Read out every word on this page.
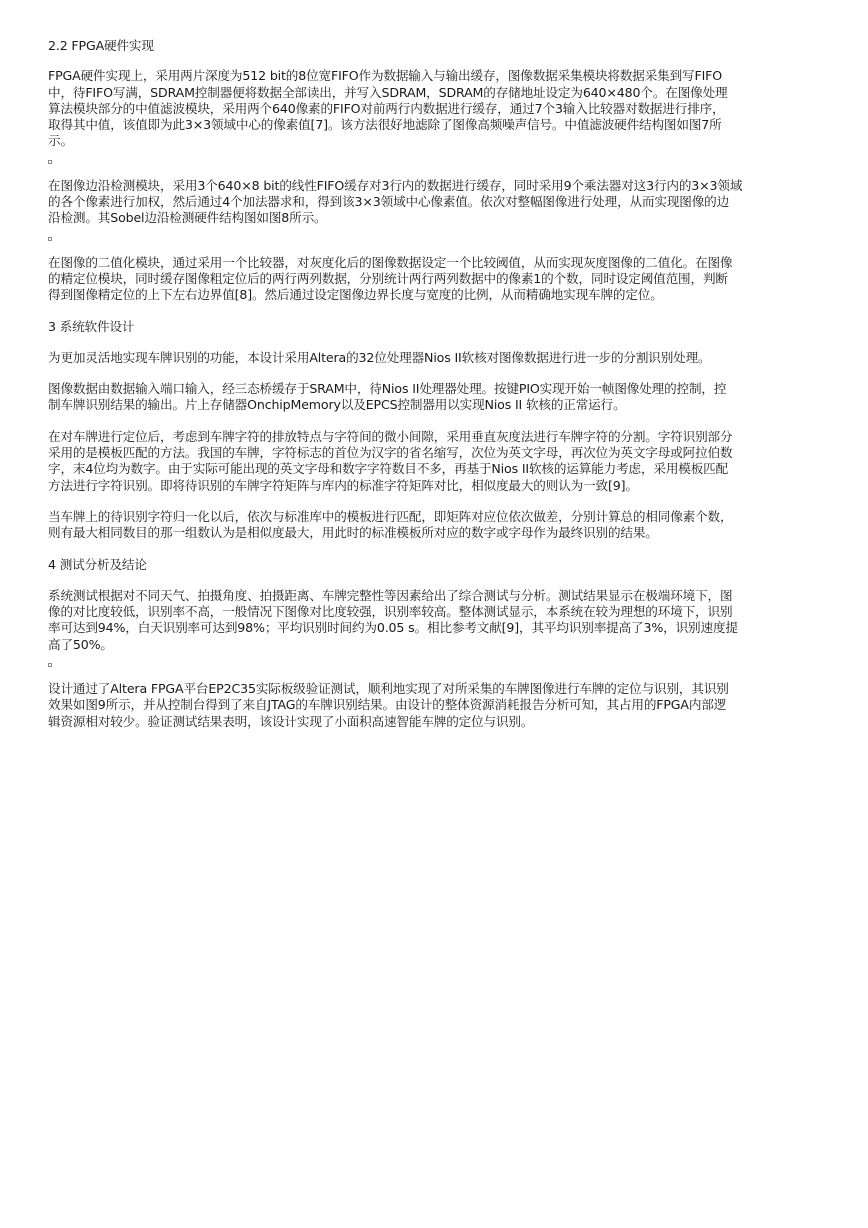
2.2 FPGA硬件实现

FPGA硬件实现上，采用两片深度为512 bit的8位宽FIFO作为数据输入与输出缓存，图像数据采集模块将数据采集到写FIFO
中，待FIFO写满，SDRAM控制器便将数据全部读出，并写入SDRAM，SDRAM的存储地址设定为640×480个。在图像处理
算法模块部分的中值滤波模块，采用两个640像素的FIFO对前两行内数据进行缓存，通过7个3输入比较器对数据进行排序，
取得其中值，该值即为此3×3领域中心的像素值[7]。该方法很好地滤除了图像高频噪声信号。中值滤波硬件结构图如图7所
示。

在图像边沿检测模块，采用3个640×8 bit的线性FIFO缓存对3行内的数据进行缓存，同时采用9个乘法器对这3行内的3×3领域
的各个像素进行加权，然后通过4个加法器求和，得到该3×3领域中心像素值。依次对整幅图像进行处理，从而实现图像的边
沿检测。其Sobel边沿检测硬件结构图如图8所示。

在图像的二值化模块，通过采用一个比较器，对灰度化后的图像数据设定一个比较阈值，从而实现灰度图像的二值化。在图像
的精定位模块，同时缓存图像粗定位后的两行两列数据，分别统计两行两列数据中的像素1的个数，同时设定阈值范围，判断
得到图像精定位的上下左右边界值[8]。然后通过设定图像边界长度与宽度的比例，从而精确地实现车牌的定位。

3 系统软件设计

为更加灵活地实现车牌识别的功能，本设计采用Altera的32位处理器Nios II软核对图像数据进行进一步的分割识别处理。

图像数据由数据输入端口输入，经三态桥缓存于SRAM中，待Nios II处理器处理。按键PIO实现开始一帧图像处理的控制，控
制车牌识别结果的输出。片上存储器OnchipMemory以及EPCS控制器用以实现Nios II 软核的正常运行。

在对车牌进行定位后，考虑到车牌字符的排放特点与字符间的微小间隙，采用垂直灰度法进行车牌字符的分割。字符识别部分
采用的是模板匹配的方法。我国的车牌，字符标志的首位为汉字的省名缩写，次位为英文字母，再次位为英文字母或阿拉伯数
字，末4位均为数字。由于实际可能出现的英文字母和数字字符数目不多，再基于Nios II软核的运算能力考虑，采用模板匹配
方法进行字符识别。即将待识别的车牌字符矩阵与库内的标准字符矩阵对比，相似度最大的则认为一致[9]。

当车牌上的待识别字符归一化以后，依次与标准库中的模板进行匹配，即矩阵对应位依次做差，分别计算总的相同像素个数，
则有最大相同数目的那一组数认为是相似度最大，用此时的标准模板所对应的数字或字母作为最终识别的结果。

4 测试分析及结论

系统测试根据对不同天气、拍摄角度、拍摄距离、车牌完整性等因素给出了综合测试与分析。测试结果显示在极端环境下，图
像的对比度较低，识别率不高，一般情况下图像对比度较强，识别率较高。整体测试显示，本系统在较为理想的环境下，识别
率可达到94%，白天识别率可达到98%；平均识别时间约为0.05 s。相比参考文献[9]，其平均识别率提高了3%，识别速度提
高了50%。

设计通过了Altera FPGA平台EP2C35实际板级验证测试，顺利地实现了对所采集的车牌图像进行车牌的定位与识别，其识别
效果如图9所示，并从控制台得到了来自JTAG的车牌识别结果。由设计的整体资源消耗报告分析可知，其占用的FPGA内部逻
辑资源相对较少。验证测试结果表明，该设计实现了小面积高速智能车牌的定位与识别。
